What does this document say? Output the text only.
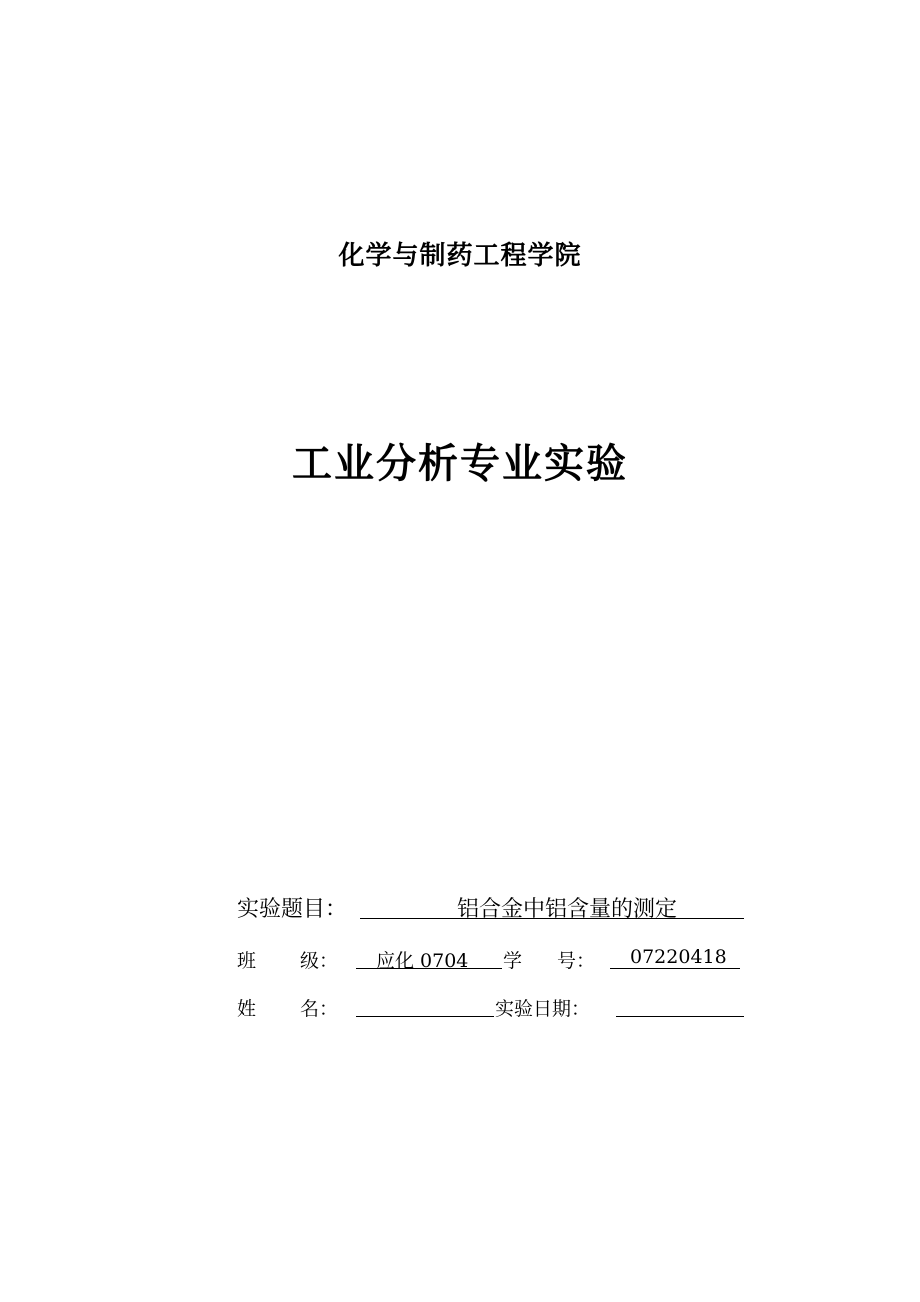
化学与制药工程学院
工业分析专业实验
实验题目：	铝合金中铝含量的测定
班 级： 应化 0704 学 号： 07220418
姓 名：	实验日期：
